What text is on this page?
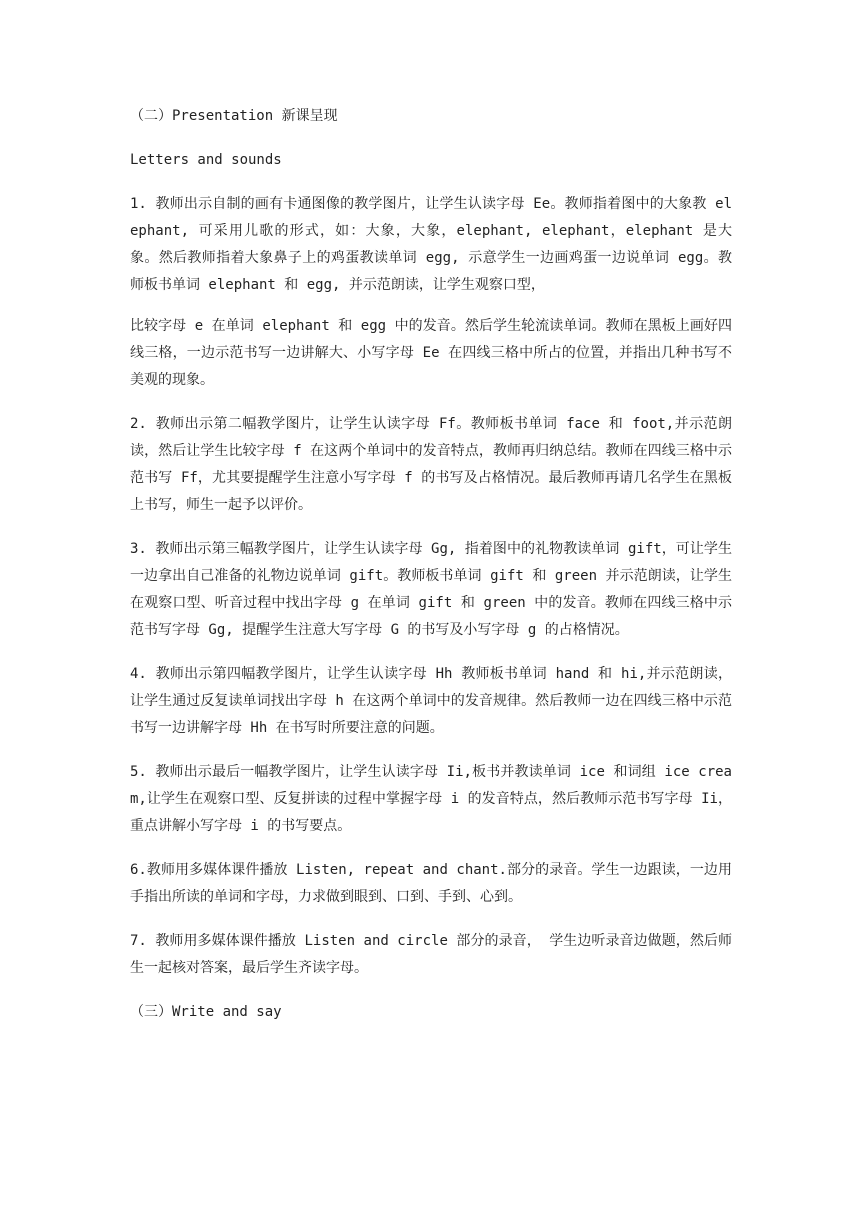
（二）Presentation 新课呈现

Letters and sounds

1. 教师出示自制的画有卡通图像的教学图片，让学生认读字母 Ee。教师指着图中的大象教 elephant, 可采用儿歌的形式，如：大象，大象，elephant, elephant，elephant 是大象。然后教师指着大象鼻子上的鸡蛋教读单词 egg, 示意学生一边画鸡蛋一边说单词 egg。教师板书单词 elephant 和 egg, 并示范朗读，让学生观察口型，

比较字母 e 在单词 elephant 和 egg 中的发音。然后学生轮流读单词。教师在黑板上画好四线三格，一边示范书写一边讲解大、小写字母 Ee 在四线三格中所占的位置，并指出几种书写不美观的现象。

2. 教师出示第二幅教学图片，让学生认读字母 Ff。教师板书单词 face 和 foot,并示范朗读，然后让学生比较字母 f 在这两个单词中的发音特点，教师再归纳总结。教师在四线三格中示范书写 Ff，尤其要提醒学生注意小写字母 f 的书写及占格情况。最后教师再请几名学生在黑板上书写，师生一起予以评价。

3. 教师出示第三幅教学图片，让学生认读字母 Gg, 指着图中的礼物教读单词 gift，可让学生一边拿出自己准备的礼物边说单词 gift。教师板书单词 gift 和 green 并示范朗读，让学生在观察口型、听音过程中找出字母 g 在单词 gift 和 green 中的发音。教师在四线三格中示范书写字母 Gg, 提醒学生注意大写字母 G 的书写及小写字母 g 的占格情况。

4. 教师出示第四幅教学图片，让学生认读字母 Hh 教师板书单词 hand 和 hi,并示范朗读，让学生通过反复读单词找出字母 h 在这两个单词中的发音规律。然后教师一边在四线三格中示范书写一边讲解字母 Hh 在书写时所要注意的问题。

5. 教师出示最后一幅教学图片，让学生认读字母 Ii,板书并教读单词 ice 和词组 ice cream,让学生在观察口型、反复拼读的过程中掌握字母 i 的发音特点，然后教师示范书写字母 Ii，重点讲解小写字母 i 的书写要点。

6.教师用多媒体课件播放 Listen, repeat and chant.部分的录音。学生一边跟读，一边用手指出所读的单词和字母，力求做到眼到、口到、手到、心到。

7. 教师用多媒体课件播放 Listen and circle 部分的录音， 学生边听录音边做题，然后师生一起核对答案，最后学生齐读字母。

（三）Write and say
